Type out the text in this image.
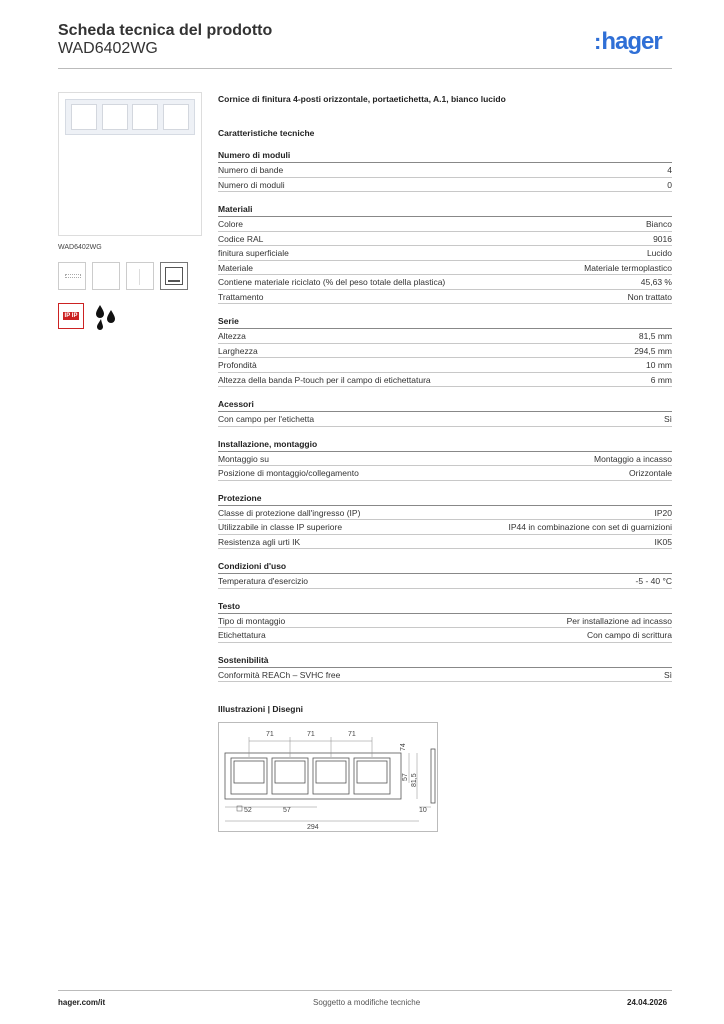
Scheda tecnica del prodotto
WAD6402WG	:hager
WAD6402WG
IP IP
Cornice di finitura 4-posti orizzontale, portaetichetta, A.1, bianco lucido
Caratteristiche tecniche
Numero di moduli
Numero di bande	4
Numero di moduli	0
Materiali
Colore	Bianco
Codice RAL	9016
finitura superficiale	Lucido
Materiale	Materiale termoplastico
Contiene materiale riciclato (% del peso totale della plastica)	45,63 %
Trattamento	Non trattato
Serie
Altezza	81,5 mm
Larghezza	294,5 mm
Profondità	10 mm
Altezza della banda P-touch per il campo di etichettatura	6 mm
Acessori
Con campo per l'etichetta	Sì
Installazione, montaggio
Montaggio su	Montaggio a incasso
Posizione di montaggio/collegamento	Orizzontale
Protezione
Classe di protezione dall'ingresso (IP)	IP20
Utilizzabile in classe IP superiore	IP44 in combinazione con set di guarnizioni
Resistenza agli urti IK	IK05
Condizioni d'uso
Temperatura d'esercizio	-5 - 40 °C
Testo
Tipo di montaggio	Per installazione ad incasso
Etichettatura	Con campo di scrittura
Sostenibilità
Conformità REACh – SVHC free	Sì
Illustrazioni | Disegni
71	71	71
74
57 81,5
52	57	10
294
hager.com/it	Soggetto a modifiche tecniche	24.04.2026
